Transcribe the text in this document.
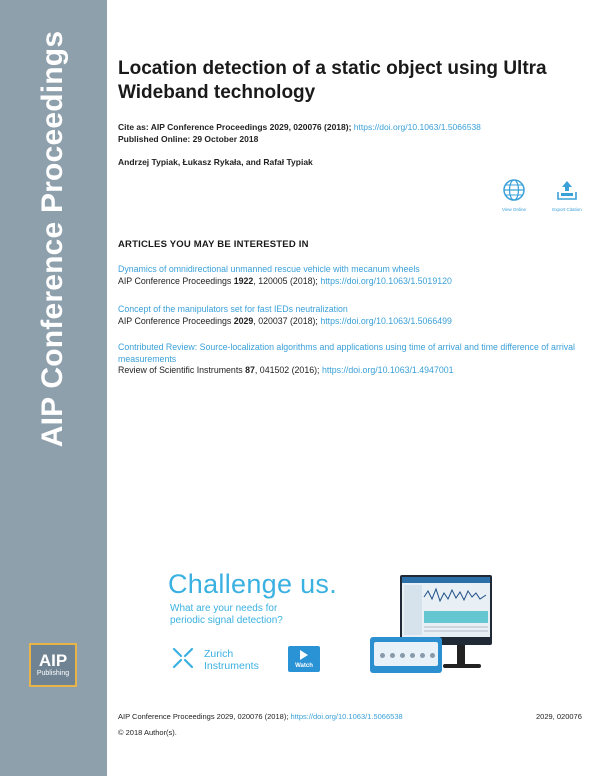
AIP Conference Proceedings
AIP
Publishing
Location detection of a static object using Ultra Wideband technology
Cite as: AIP Conference Proceedings 2029, 020076 (2018); https://doi.org/10.1063/1.5066538
Published Online: 29 October 2018
Andrzej Typiak, Łukasz Rykała, and Rafał Typiak
View Online	Export Citation
ARTICLES YOU MAY BE INTERESTED IN
Dynamics of omnidirectional unmanned rescue vehicle with mecanum wheels
AIP Conference Proceedings 1922, 120005 (2018); https://doi.org/10.1063/1.5019120
Concept of the manipulators set for fast IEDs neutralization
AIP Conference Proceedings 2029, 020037 (2018); https://doi.org/10.1063/1.5066499
Contributed Review: Source-localization algorithms and applications using time of arrival and time difference of arrival measurements
Review of Scientific Instruments 87, 041502 (2016); https://doi.org/10.1063/1.4947001
Challenge us.
What are your needs for periodic signal detection?
Zurich
Instruments	Watch
AIP Conference Proceedings 2029, 020076 (2018); https://doi.org/10.1063/1.5066538	2029, 020076
© 2018 Author(s).
